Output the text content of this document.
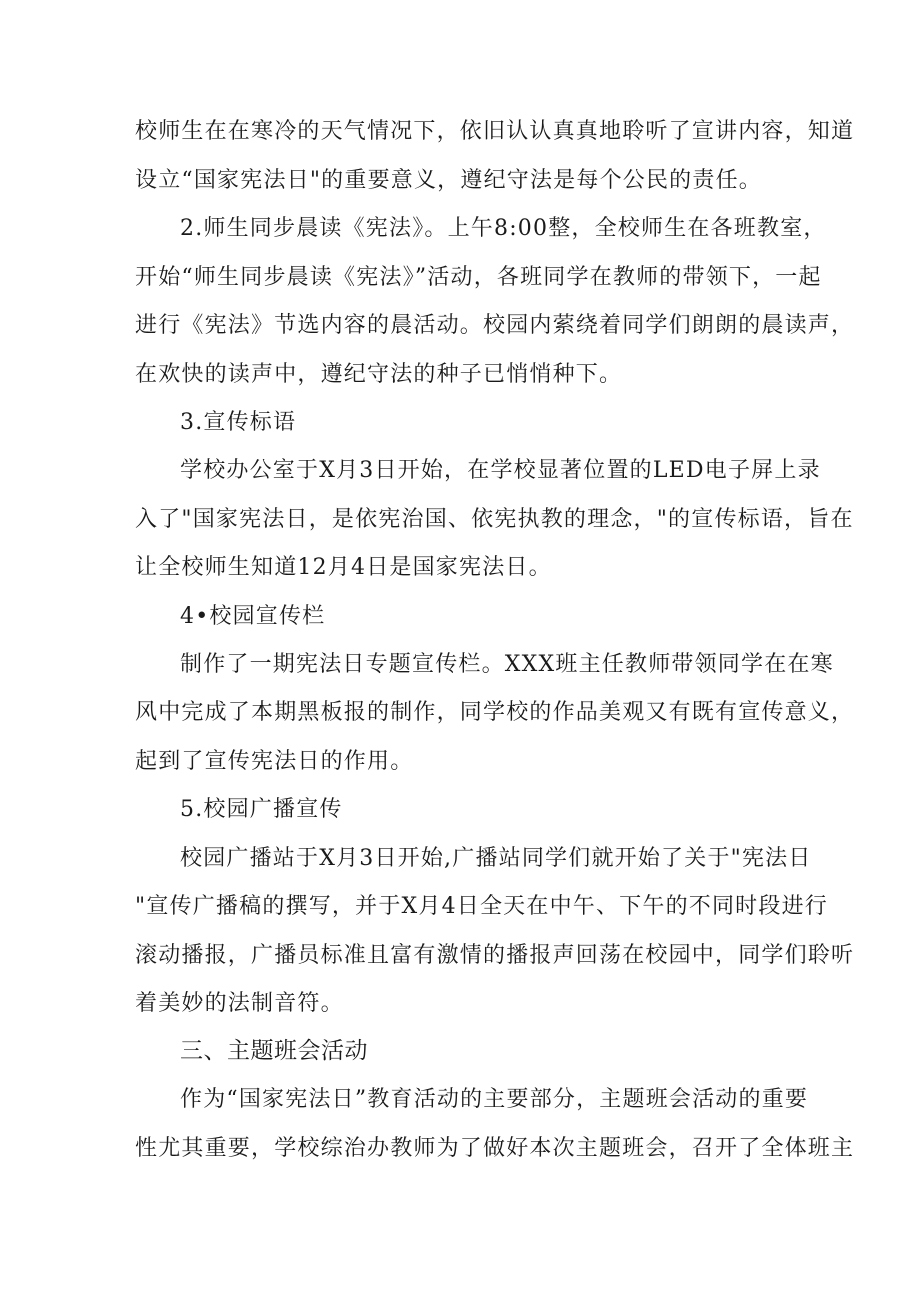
校师生在在寒冷的天气情况下，依旧认认真真地聆听了宣讲内容，知道
设立“国家宪法日"的重要意义，遵纪守法是每个公民的责任。
2.师生同步晨读《宪法》。上午8:00整，全校师生在各班教室，
开始“师生同步晨读《宪法》”活动，各班同学在教师的带领下，一起
进行《宪法》节选内容的晨活动。校园内萦绕着同学们朗朗的晨读声，
在欢快的读声中，遵纪守法的种子已悄悄种下。
3.宣传标语
学校办公室于X月3日开始，在学校显著位置的LED电子屏上录
入了"国家宪法日，是依宪治国、依宪执教的理念，"的宣传标语，旨在
让全校师生知道12月4日是国家宪法日。
4•校园宣传栏
制作了一期宪法日专题宣传栏。XXX班主任教师带领同学在在寒
风中完成了本期黑板报的制作，同学校的作品美观又有既有宣传意义，
起到了宣传宪法日的作用。
5.校园广播宣传
校园广播站于X月3日开始,广播站同学们就开始了关于"宪法日
"宣传广播稿的撰写，并于X月4日全天在中午、下午的不同时段进行
滚动播报，广播员标准且富有激情的播报声回荡在校园中，同学们聆听
着美妙的法制音符。
三、主题班会活动
作为“国家宪法日”教育活动的主要部分，主题班会活动的重要
性尤其重要，学校综治办教师为了做好本次主题班会，召开了全体班主
